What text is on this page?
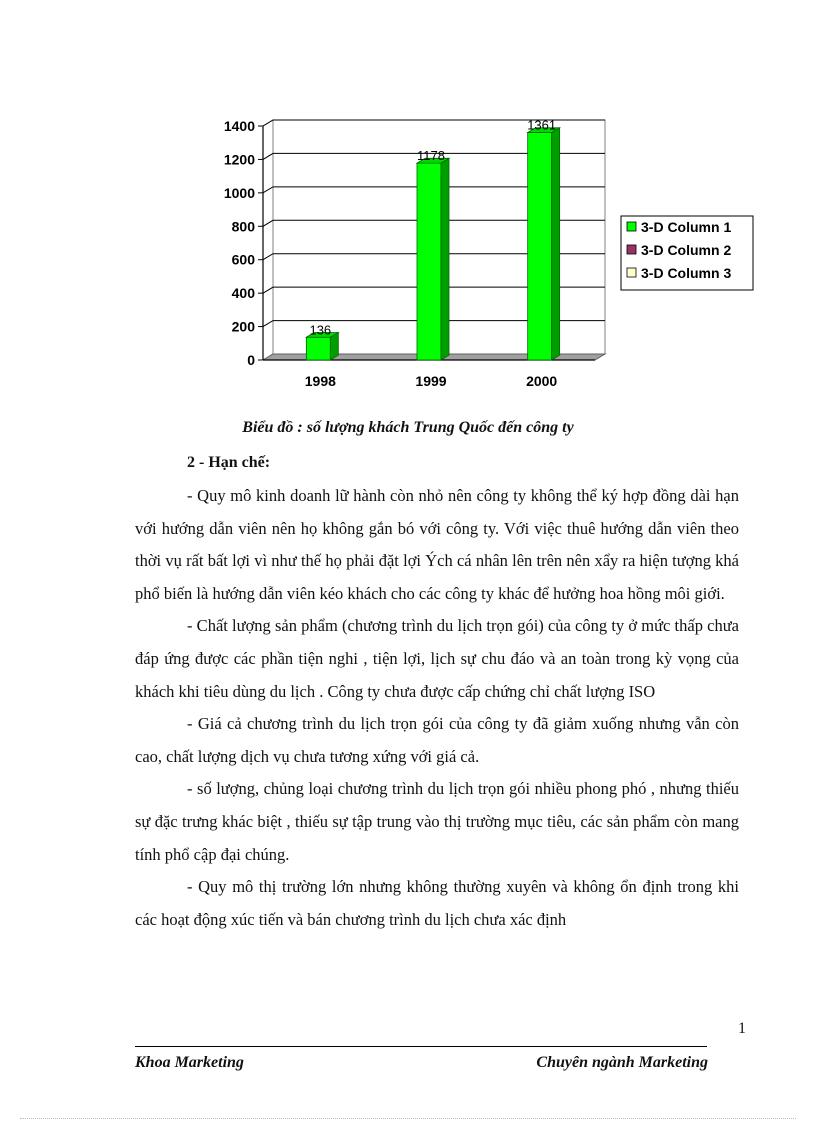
0
200
400
600
800
1000
1200
1400
136
1998
1178
1999
1361
2000
3-D Column 1
3-D Column 2
3-D Column 3
Biểu đồ : số lượng khách Trung Quốc đến công ty
2 - Hạn chế:

- Quy mô kinh doanh lữ hành còn nhỏ nên công ty không thể ký hợp đồng dài hạn với hướng dẫn viên nên họ không gắn bó với công ty. Với việc thuê hướng dẫn viên theo thời vụ rất bất lợi vì như thế họ phải đặt lợi Ých cá nhân lên trên nên xẩy ra hiện tượng khá phổ biến là hướng dẫn viên kéo khách cho các công ty khác để hưởng hoa hồng môi giới.

- Chất lượng sản phẩm (chương trình du lịch trọn gói) của công ty ở mức thấp chưa đáp ứng được các phần tiện nghi , tiện lợi, lịch sự chu đáo và an toàn trong kỳ vọng của khách khi tiêu dùng du lịch . Công ty chưa được cấp chứng chỉ chất lượng ISO

- Giá cả chương trình du lịch trọn gói của công ty đã giảm xuống nhưng vẫn còn cao, chất lượng dịch vụ chưa tương xứng với giá cả.

- số lượng, chủng loại chương trình du lịch trọn gói nhiều phong phó , nhưng thiếu sự đặc trưng khác biệt , thiếu sự tập trung vào thị trường mục tiêu, các sản phẩm còn mang tính phổ cập đại chúng.

- Quy mô thị trường lớn nhưng không thường xuyên và không ổn định trong khi các hoạt động xúc tiến và bán chương trình du lịch chưa xác định

1
Khoa Marketing	Chuyên ngành Marketing
